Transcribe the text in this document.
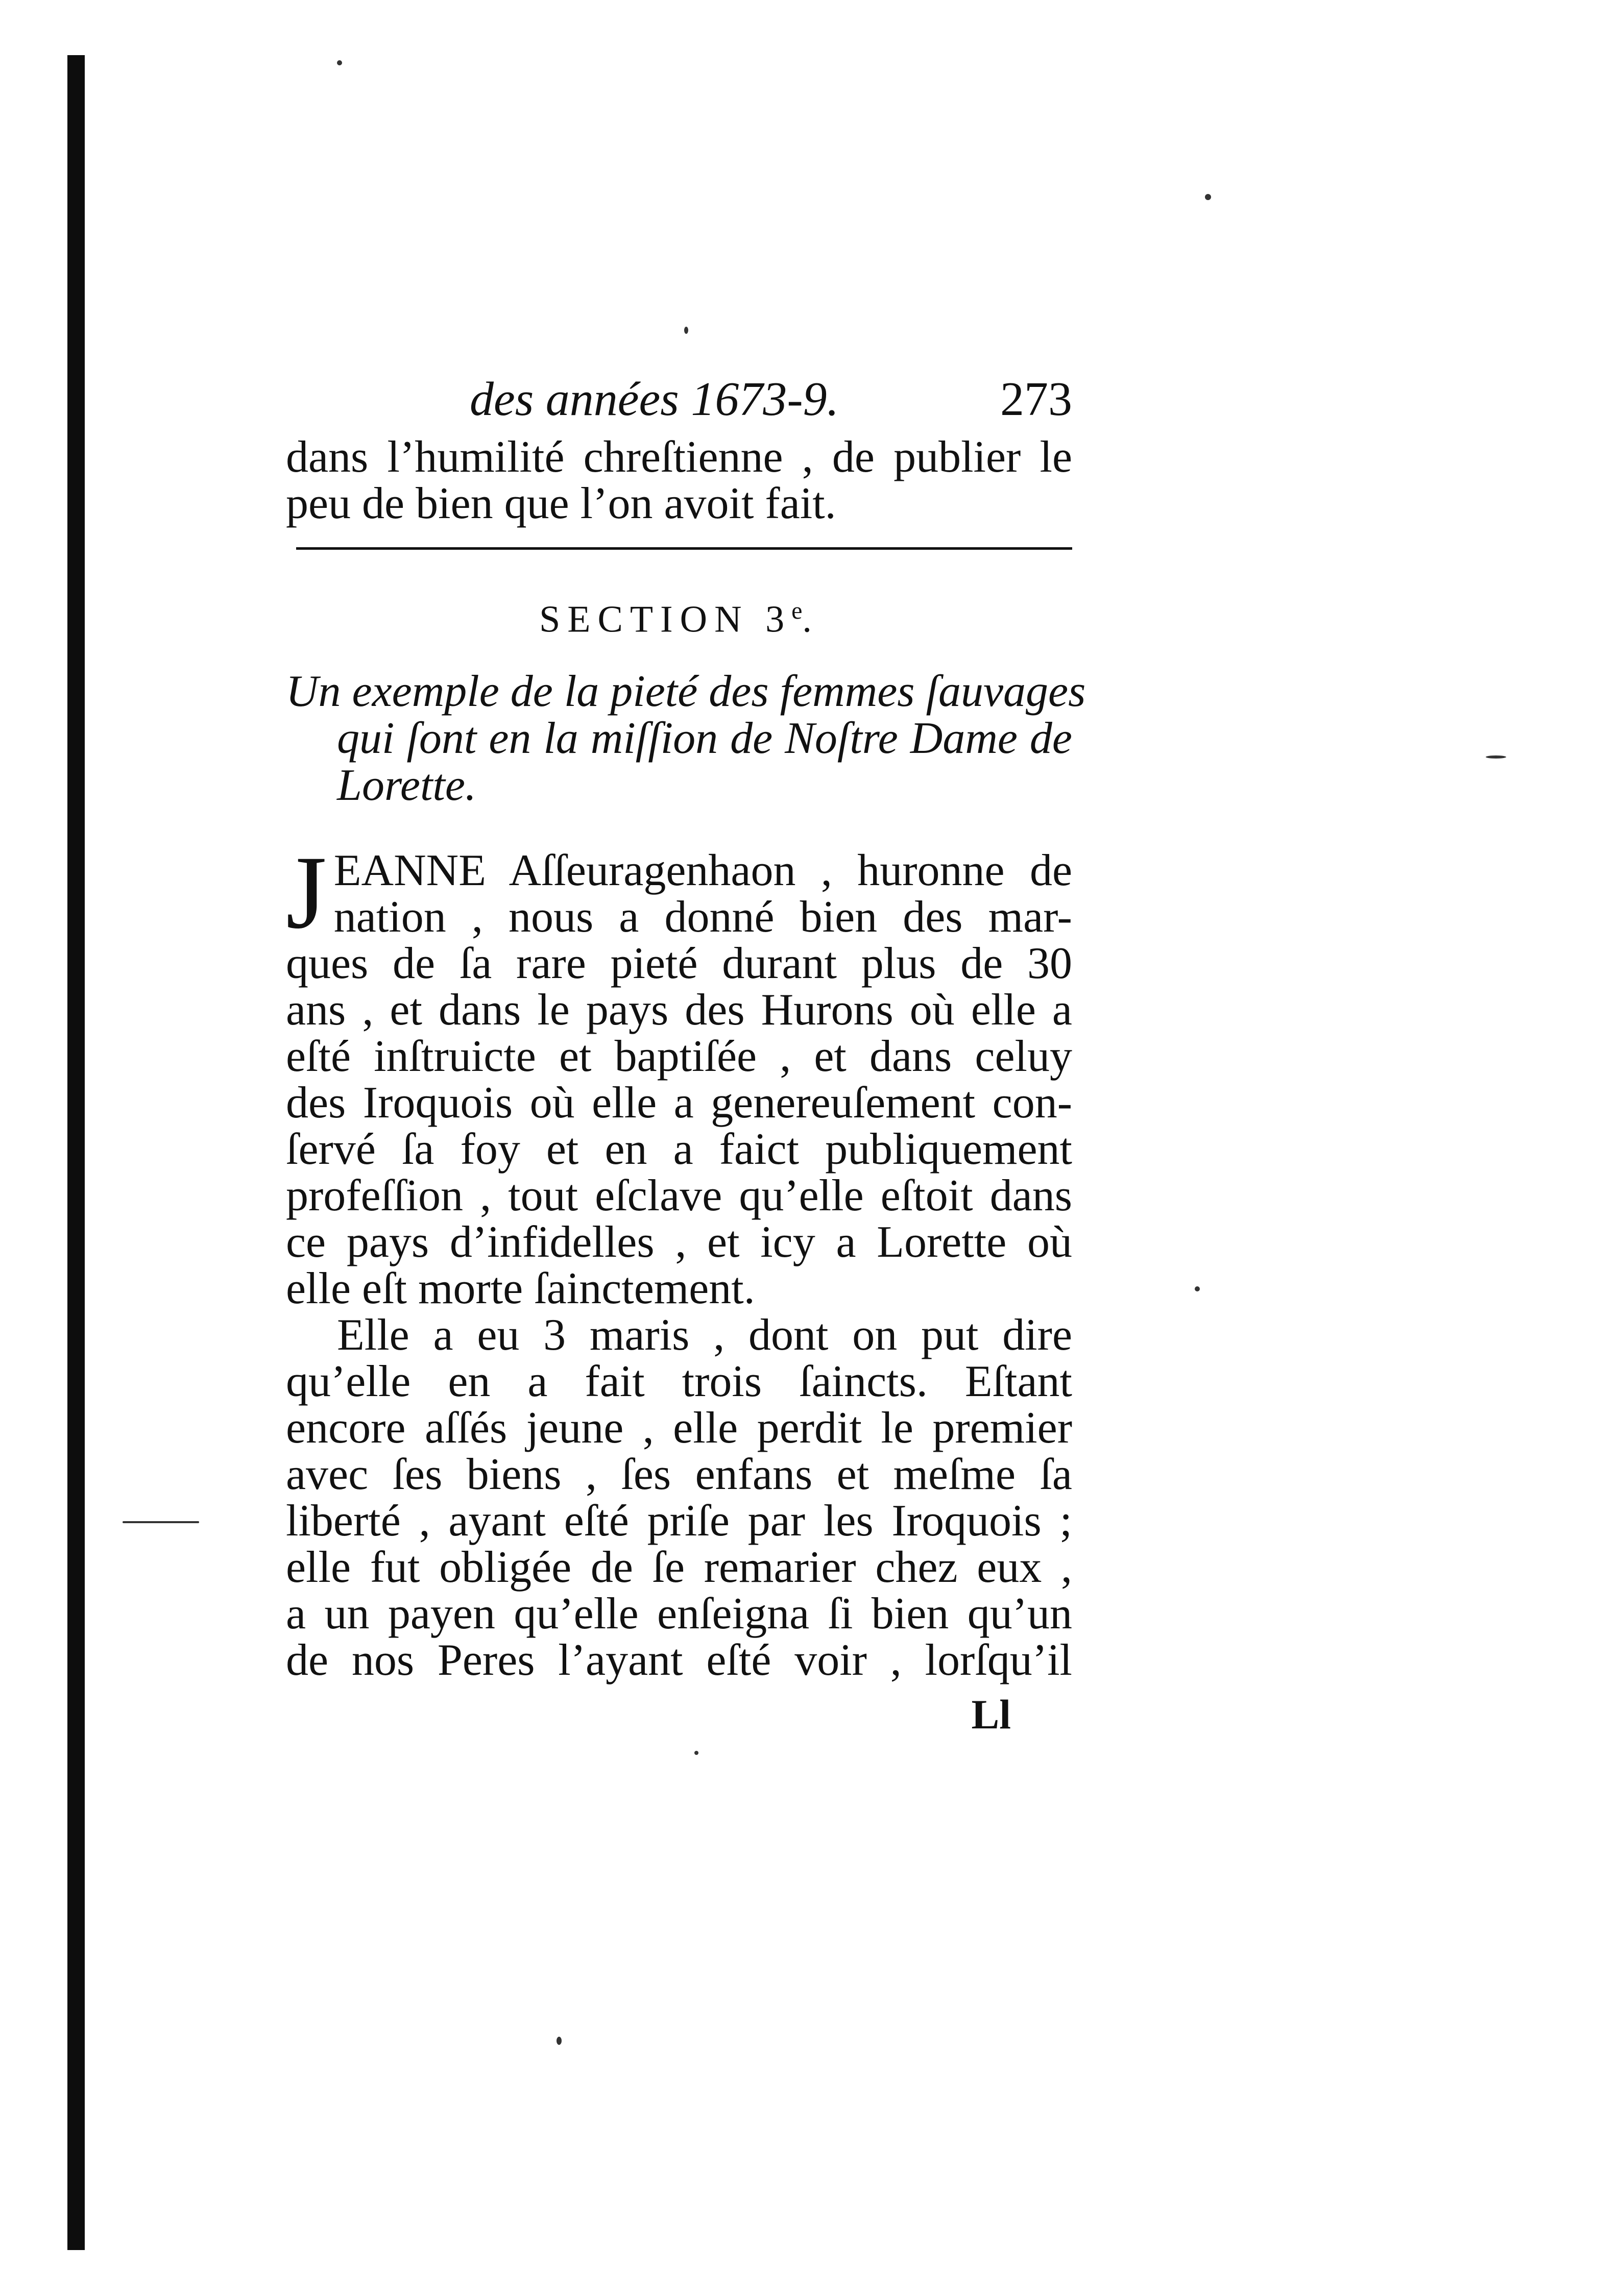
des années 1673-9.	273
dans l’humilité chreſtienne , de publier le
peu de bien que l’on avoit fait.
SECTION 3e.
Un exemple de la pieté des femmes ſauvages
qui ſont en la miſſion de Noſtre Dame de
Lorette.
J EANNE Aſſeuragenhaon , huronne de
nation , nous a donné bien des mar-
ques de ſa rare pieté durant plus de 30
ans , et dans le pays des Hurons où elle a
eſté inſtruicte et baptiſée , et dans celuy
des Iroquois où elle a genereuſement con-
ſervé ſa foy et en a faict publiquement
profeſſion , tout eſclave qu’elle eſtoit dans
ce pays d’infidelles , et icy a Lorette où
elle eſt morte ſainctement.
Elle a eu 3 maris , dont on put dire
qu’elle en a fait trois ſaincts. Eſtant
encore aſſés jeune , elle perdit le premier
avec ſes biens , ſes enfans et meſme ſa
liberté , ayant eſté priſe par les Iroquois ;
elle fut obligée de ſe remarier chez eux ,
a un payen qu’elle enſeigna ſi bien qu’un
de nos Peres l’ayant eſté voir , lorſqu’il
Ll
